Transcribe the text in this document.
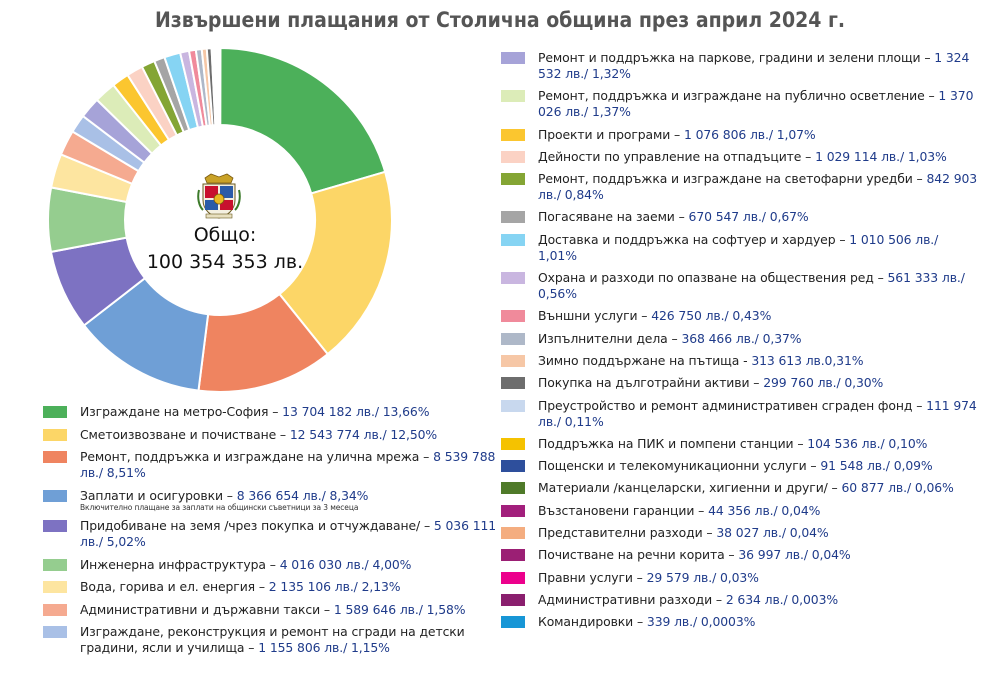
Извършени плащания от Столична община през април 2024 г.
Общо:
100 354 353 лв.
Изграждане на метро-София – 13 704 182 лв./ 13,66%
Сметоизвозване и почистване – 12 543 774 лв./ 12,50%
Ремонт, поддръжка и изграждане на улична мрежа – 8 539 788 лв./ 8,51%
Заплати и осигуровки – 8 366 654 лв./ 8,34%
Включително плащане за заплати на общински съветници за 3 месеца
Придобиване на земя /чрез покупка и отчуждаване/ – 5 036 111 лв./ 5,02%
Инженерна инфраструктура – 4 016 030 лв./ 4,00%
Вода, горива и ел. енергия – 2 135 106 лв./ 2,13%
Административни и държавни такси – 1 589 646 лв./ 1,58%
Изграждане, реконструкция и ремонт на сгради на детски градини, ясли и училища – 1 155 806 лв./ 1,15%
Ремонт и поддръжка на паркове, градини и зелени площи – 1 324 532 лв./ 1,32%
Ремонт, поддръжка и изграждане на публично осветление – 1 370 026 лв./ 1,37%
Проекти и програми – 1 076 806 лв./ 1,07%
Дейности по управление на отпадъците – 1 029 114 лв./ 1,03%
Ремонт, поддръжка и изграждане на светофарни уредби – 842 903 лв./ 0,84%
Погасяване на заеми – 670 547 лв./ 0,67%
Доставка и поддръжка на софтуер и хардуер – 1 010 506 лв./ 1,01%
Охрана и разходи по опазване на обществения ред – 561 333 лв./ 0,56%
Външни услуги – 426 750 лв./ 0,43%
Изпълнителни дела – 368 466 лв./ 0,37%
Зимно поддържане на пътища - 313 613 лв.0,31%
Покупка на дълготрайни активи – 299 760 лв./ 0,30%
Преустройство и ремонт административен сграден фонд – 111 974 лв./ 0,11%
Поддръжка на ПИК и помпени станции – 104 536 лв./ 0,10%
Пощенски и телекомуникационни услуги – 91 548 лв./ 0,09%
Материали /канцеларски, хигиенни и други/ – 60 877 лв./ 0,06%
Възстановени гаранции – 44 356 лв./ 0,04%
Представителни разходи – 38 027 лв./ 0,04%
Почистване на речни корита – 36 997 лв./ 0,04%
Правни услуги – 29 579 лв./ 0,03%
Административни разходи – 2 634 лв./ 0,003%
Командировки – 339 лв./ 0,0003%
